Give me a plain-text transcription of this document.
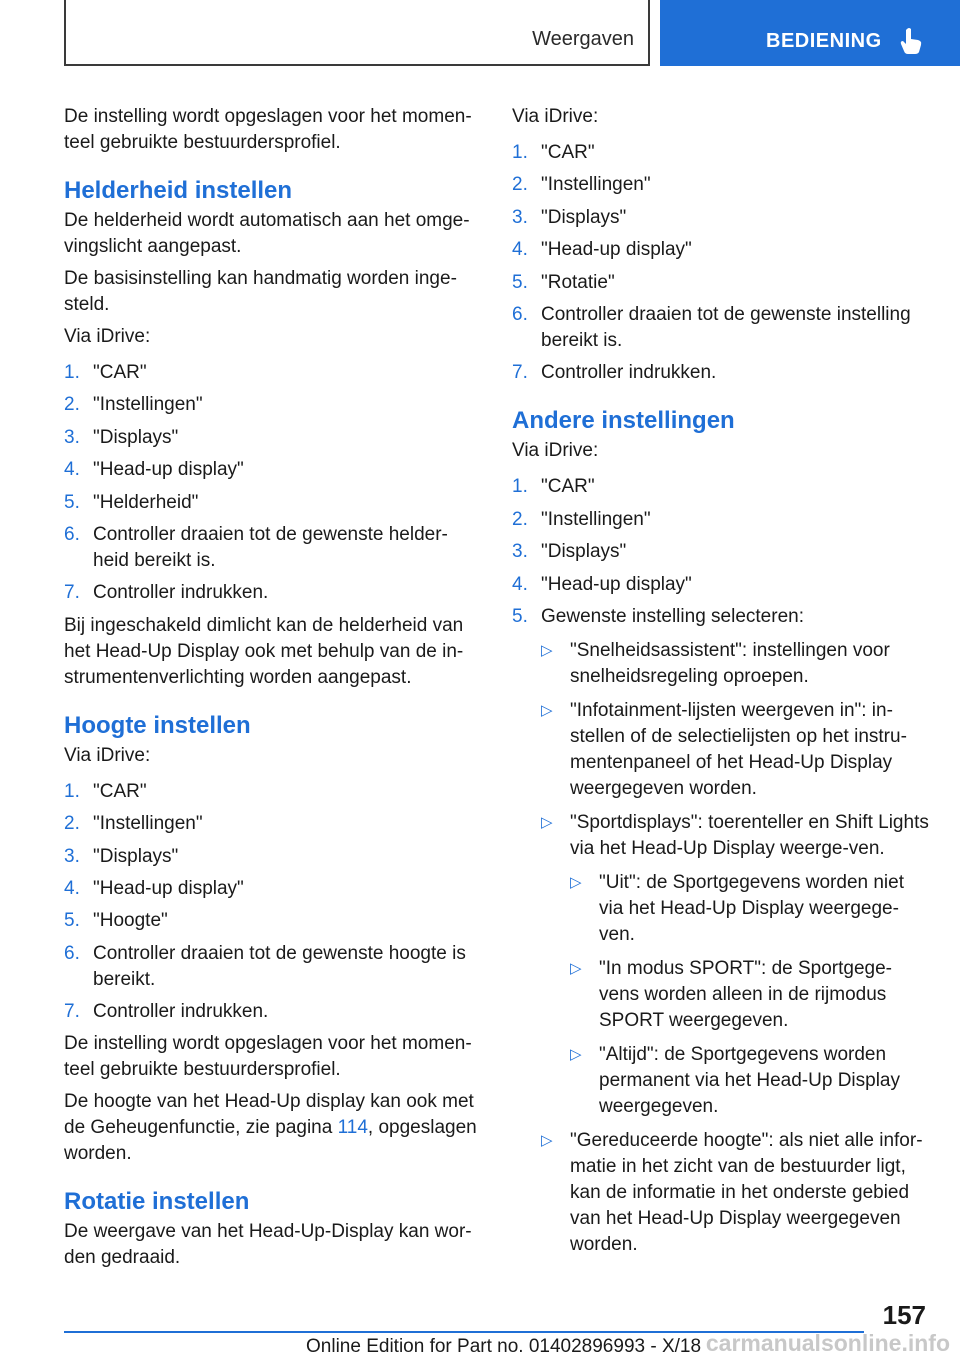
Weergaven	BEDIENING

De instelling wordt opgeslagen voor het momen-teel gebruikte bestuurdersprofiel.

Helderheid instellen

De helderheid wordt automatisch aan het omge-vingslicht aangepast.

De basisinstelling kan handmatig worden inge-steld.

Via iDrive:

1. "CAR"
2. "Instellingen"
3. "Displays"
4. "Head-up display"
5. "Helderheid"
6. Controller draaien tot de gewenste helder-heid bereikt is.
7. Controller indrukken.

Bij ingeschakeld dimlicht kan de helderheid van het Head-Up Display ook met behulp van de in-strumentenverlichting worden aangepast.

Hoogte instellen

Via iDrive:

1. "CAR"
2. "Instellingen"
3. "Displays"
4. "Head-up display"
5. "Hoogte"
6. Controller draaien tot de gewenste hoogte is bereikt.
7. Controller indrukken.

De instelling wordt opgeslagen voor het momen-teel gebruikte bestuurdersprofiel.

De hoogte van het Head-Up display kan ook met de Geheugenfunctie, zie pagina 114, opgeslagen worden.

Rotatie instellen

De weergave van het Head-Up-Display kan wor-den gedraaid.

Via iDrive:

1. "CAR"
2. "Instellingen"
3. "Displays"
4. "Head-up display"
5. "Rotatie"
6. Controller draaien tot de gewenste instelling bereikt is.
7. Controller indrukken.
Andere instellingen

Via iDrive:

1. "CAR"
2. "Instellingen"
3. "Displays"
4. "Head-up display"
5. Gewenste instelling selecteren:
▷ "Snelheidsassistent": instellingen voor snelheidsregeling oproepen.
▷ "Infotainment-lijsten weergeven in": in-stellen of de selectielijsten op het instru-mentenpaneel of het Head-Up Display weergegeven worden.
▷ "Sportdisplays": toerenteller en Shift Lights via het Head-Up Display weerge-ven.
▷ "Uit": de Sportgegevens worden niet via het Head-Up Display weergege-ven.
▷ "In modus SPORT": de Sportgege-vens worden alleen in de rijmodus SPORT weergegeven.
▷ "Altijd": de Sportgegevens worden permanent via het Head-Up Display weergegeven.
▷ "Gereduceerde hoogte": als niet alle infor-matie in het zicht van de bestuurder ligt, kan de informatie in het onderste gebied van het Head-Up Display weergegeven worden.
157
Online Edition for Part no. 01402896993 - X/18 carmanualsonline.info
